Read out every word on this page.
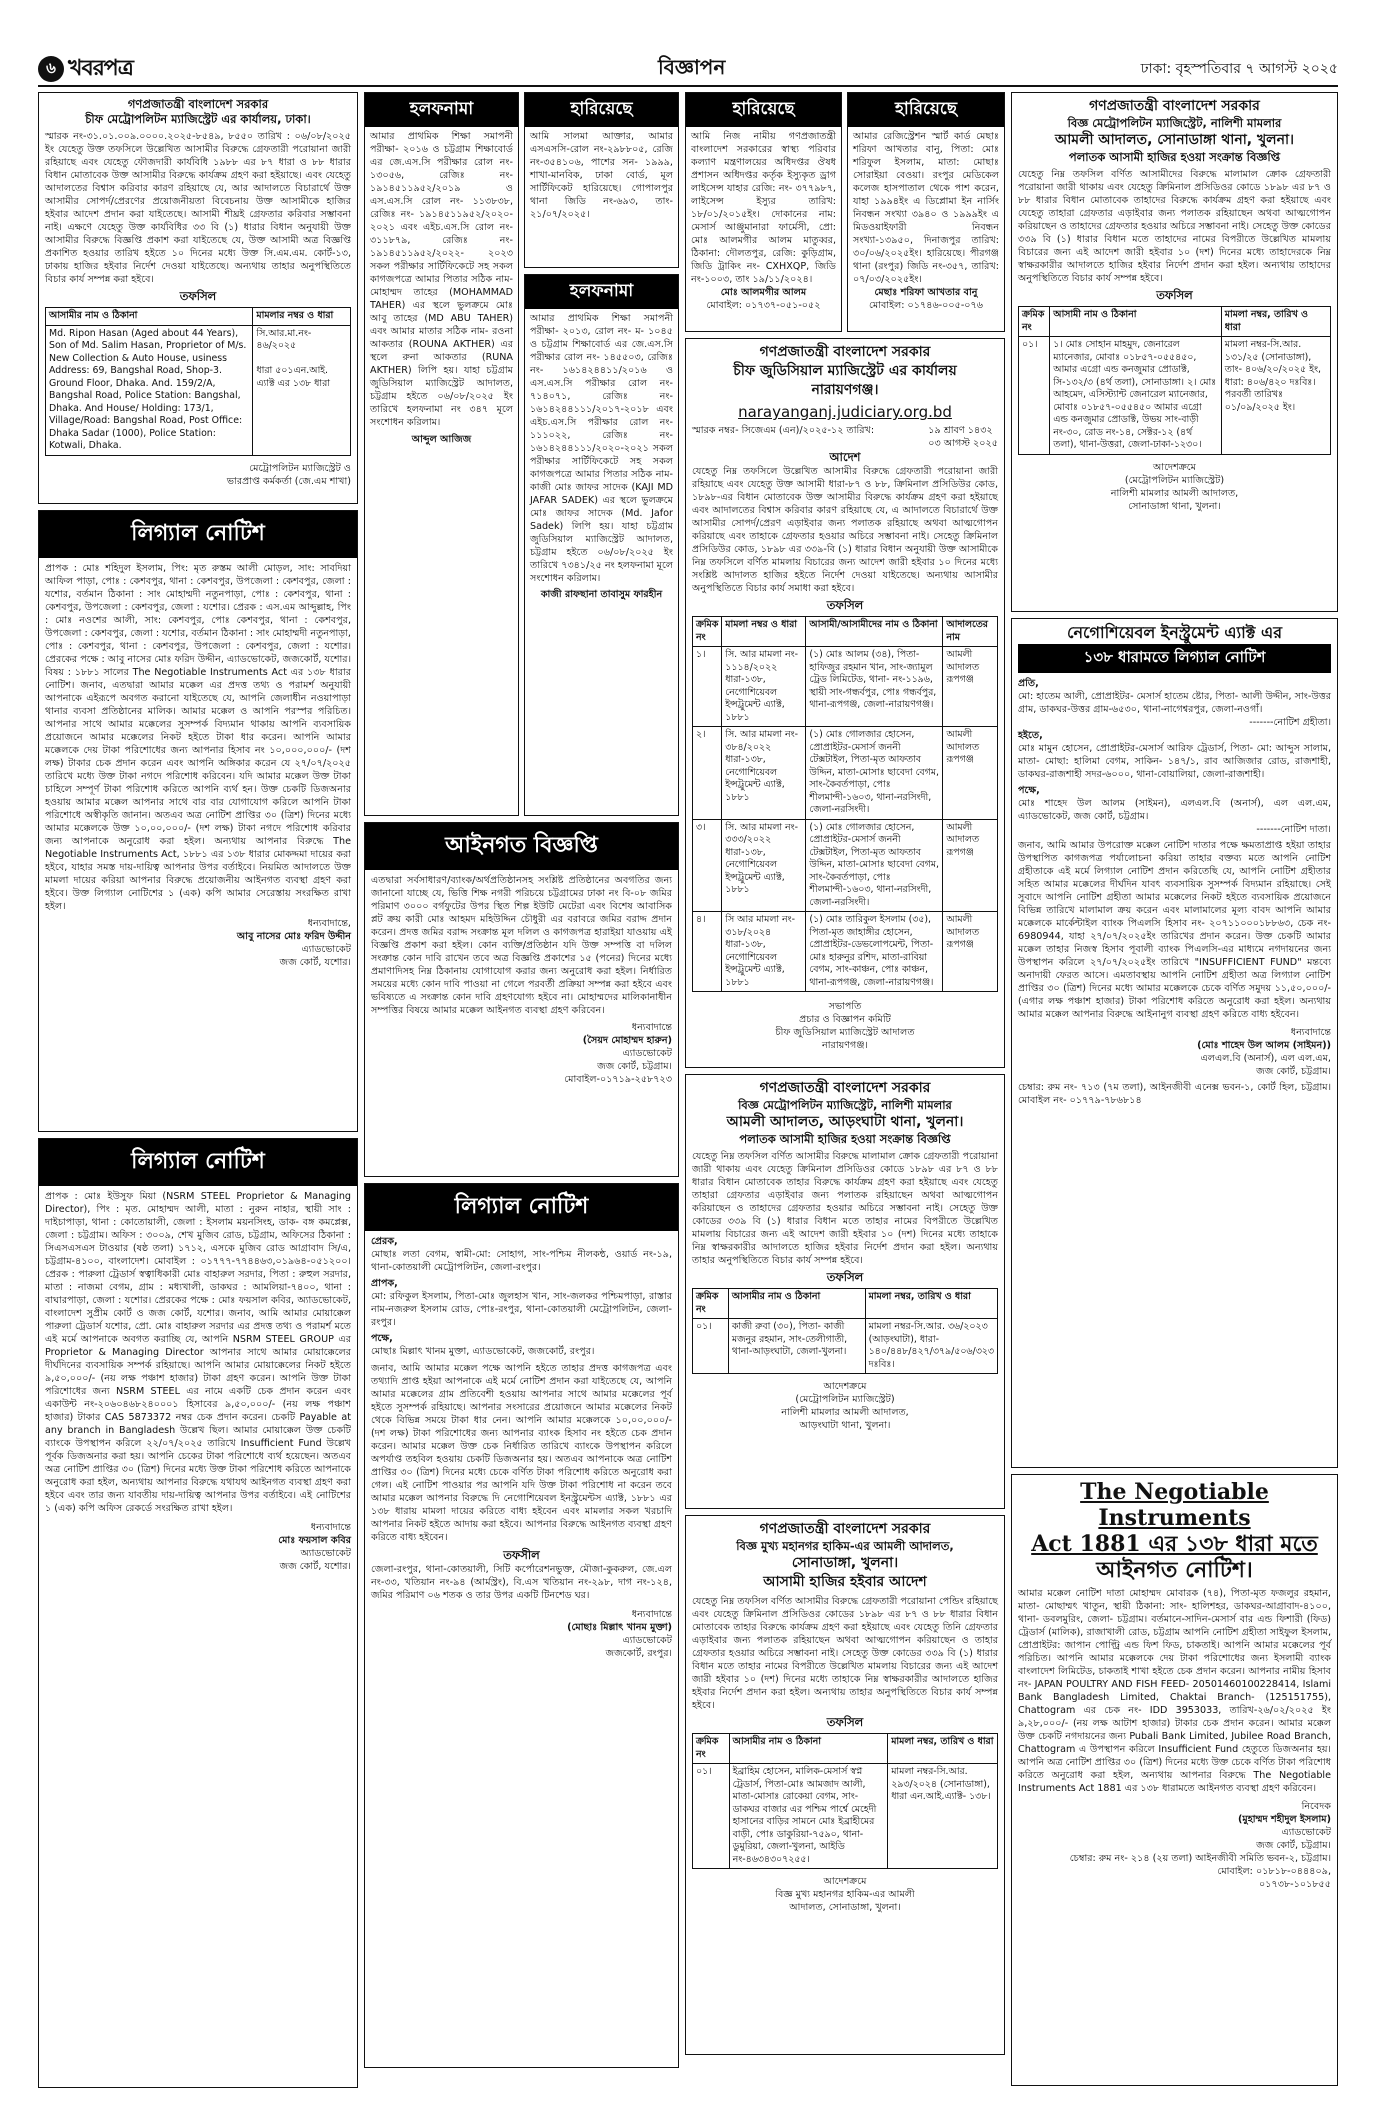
৬ খবরপত্র	বিজ্ঞাপন	ঢাকা: বৃহস্পতিবার ৭ আগস্ট ২০২৫
গণপ্রজাতন্ত্রী বাংলাদেশ সরকার
চীফ মেট্রোপলিটন ম্যাজিস্ট্রেট এর কার্যালয়, ঢাকা।
স্মারক নং-৩১.০১.০০৯.০০০০.২০২৫-৮৫৪৯, ৮৫৫০ তারিখ : ০৬/০৮/২০২৫ ইং যেহেতু উক্ত তফসিলে উল্লেখিত আসামীর বিরুদ্ধে গ্রেফতারী পরোয়ানা জারী রহিয়াছে এবং যেহেতু ফৌজদারী কার্যবিধি ১৯৮৮ এর ৮৭ ধারা ও ৮৮ ধারার বিধান মোতাবেক উক্ত আসামীর বিরুদ্ধে কার্যক্রম গ্রহণ করা হইয়াছে। এবং যেহেতু আদালতের বিশ্বাস করিবার কারণ রহিয়াছে যে, আর আদালতে বিচারার্থে উক্ত আসামীর সোপর্দ/প্রেরণের প্রয়োজনীয়তা বিবেচনায় উক্ত আসামীকে হাজির হইবার আদেশ প্রদান করা যাইতেছে। আসামী শীঘ্রই গ্রেফতার করিবার সম্ভাবনা নাই। এক্ষণে যেহেতু উক্ত কার্যবিধির ৩৩ বি (১) ধারার বিধান অনুযায়ী উক্ত আসামীর বিরুদ্ধে বিজ্ঞপ্তি প্রকাশ করা যাইতেছে যে, উক্ত আসামী অত্র বিজ্ঞপ্তি প্রকাশিত হওয়ার তারিখ হইতে ১০ দিনের মধ্যে উক্ত সি.এম.এম. কোর্ট-১৩, ঢাকায় হাজির হইবার নির্দেশ দেওয়া যাইতেছে। অন্যথায় তাহার অনুপস্থিতিতে বিচার কার্য সম্পন্ন করা হইবে।
তফসিল
আসামীর নাম ও ঠিকানা	মামলার নম্বর ও ধারা
Md. Ripon Hasan (Aged about 44 Years), Son of Md. Salim Hasan, Proprietor of M/s. New Collection & Auto House, usiness Address: 69, Bangshal Road, Shop-3. Ground Floor, Dhaka. And. 159/2/A, Bangshal Road, Police Station: Bangshal, Dhaka. And House/ Holding: 173/1, Village/Road: Bangshal Road, Post Office: Dhaka Sadar (1000), Police Station: Kotwali, Dhaka.	সি.আর.মা.নং- ৪৬/২০২৫

ধারা ৫০১এন.আই. এ্যাক্ট এর ১৩৮ ধারা
মেট্রোপলিটন ম্যাজিস্ট্রেট ও
ভারপ্রাপ্ত কর্মকর্তা (জে.এম শাখা)
লিগ্যাল নোটিশ
প্রাপক : মোঃ শহিদুল ইসলাম, পিং: মৃত রুস্তম আলী মোড়ল, সাং: সাবদিয়া আফিল পাড়া, পোঃ : কেশবপুর, থানা : কেশবপুর, উপজেলা : কেশবপুর, জেলা : যশোর, বর্তমান ঠিকানা : সাং মোহাম্মদী নতুনপাড়া, পোঃ : কেশবপুর, থানা : কেশবপুর, উপজেলা : কেশবপুর, জেলা : যশোর। প্রেরক : এস.এম আব্দুল্লাহ, পিং : মোঃ নওশের আলী, সাং: কেশবপুর, পোঃ কেশবপুর, থানা : কেশবপুর, উপজেলা : কেশবপুর, জেলা : যশোর, বর্তমান ঠিকানা : সাং মোহাম্মদী নতুনপাড়া, পোঃ : কেশবপুর, থানা : কেশবপুর, উপজেলা : কেশবপুর, জেলা : যশোর। প্রেরকের পক্ষে : আবু নাসের মোঃ ফরিদ উদ্দীন, এ্যাডভোকেট, জজকোর্ট, যশোর। বিষয় : ১৮৮১ সালের The Negotiable Instruments Act এর ১৩৮ ধারার নোটিশ। জনাব, এতদ্বারা আমার মক্কেল এর প্রদত্ত তথ্য ও পরামর্শ অনুযায়ী আপনাকে এইরূপে অবগত করানো যাইতেছে যে, আপনি জেলাধীন নওয়াপাড়া থানার ব্যবসা প্রতিষ্ঠানের মালিক। আমার মক্কেল ও আপনি পরস্পর পরিচিত। আপনার সাথে আমার মক্কেলের সুসম্পর্ক বিদ্যমান থাকায় আপনি ব্যবসায়িক প্রয়োজনে আমার মক্কেলের নিকট হইতে টাকা ধার করেন। আপনি আমার মক্কেলকে দেয় টাকা পরিশোধের জন্য আপনার হিসাব নং ১০,০০০,০০০/- (দশ লক্ষ) টাকার চেক প্রদান করেন এবং আপনি অঙ্গিকার করেন যে ২৭/০৭/২০২৫ তারিখে মধ্যে উক্ত টাকা নগদে পরিশোধ করিবেন। যদি আমার মক্কেল উক্ত টাকা চাহিলে সম্পূর্ণ টাকা পরিশোধ করিতে আপনি ব্যর্থ হন। উক্ত চেকটি ডিজঅনার হওয়ায় আমার মক্কেল আপনার সাথে বার বার যোগাযোগ করিলে আপনি টাকা পরিশোধে অস্বীকৃতি জানান। অতএব অত্র নোটিশ প্রাপ্তির ৩০ (ত্রিশ) দিনের মধ্যে আমার মক্কেলকে উক্ত ১০,০০,০০০/- (দশ লক্ষ) টাকা নগদে পরিশোধ করিবার জন্য আপনাকে অনুরোধ করা হইল। অন্যথায় আপনার বিরুদ্ধে The Negotiable Instruments Act, ১৮৮১ এর ১৩৮ ধারার মোকদ্দমা দায়ের করা হইবে, যাহার সমস্ত দায়-দায়িত্ব আপনার উপর বর্তাইবে। নিয়মিত আদালতে উক্ত মামলা দায়ের করিয়া আপনার বিরুদ্ধে প্রয়োজনীয় আইনগত ব্যবস্থা গ্রহণ করা হইবে। উক্ত লিগ্যাল নোটিশের ১ (এক) কপি আমার সেরেস্তায় সংরক্ষিত রাখা হইল।
ধন্যবাদান্তে,
আবু নাসের মোঃ ফরিদ উদ্দীন
এ্যাডভোকেট
জজ কোর্ট, যশোর।
লিগ্যাল নোটিশ
প্রাপক : মোঃ ইউসুফ মিয়া (NSRM STEEL Proprietor & Managing Director), পিং : মৃত. মোহাম্মদ আলী, মাতা : নুরুন নাহার, স্থায়ী সাং : দাইচাপাড়া, থানা : কোতোয়ালী, জেলা : ইসলাম ময়নসিংহ, ডাক- বঙ্গ কমপ্লেক্স, জেলা : চট্টগ্রাম। অফিস : ৩০০৯, শেখ মুজিব রোড, চট্টগ্রাম, অফিসের ঠিকানা : সিএসএসএস টাওয়ার (ষষ্ঠ তলা) ১৭১২, এসকে মুজিব রোড আগ্রাবাদ সি/এ, চট্টগ্রাম-৪১০০, বাংলাদেশ। মোবাইল : ০১৭৭৭-৭৭৪৪৬৩,০১৯৬৪-০৫১২০০। প্রেরক : পারুলা ট্রেডার্স স্বত্বাধিকারী মোঃ বাহারুল সরদার, পিতা : রুহুল সরদার, মাতা : নাজমা বেগম, গ্রাম : মধ্যখালী, ডাকঘর : আমলিয়া-৭৪০০, থানা : বাঘারপাড়া, জেলা : যশোর। প্রেরকের পক্ষে : মোঃ ফয়সাল কবির, অ্যাডভোকেট, বাংলাদেশ সুপ্রীম কোর্ট ও জজ কোর্ট, যশোর। জনাব, আমি আমার মোয়াক্কেল পারুলা ট্রেডার্স যশোর, প্রো. মোঃ বাহারুল সরদার এর প্রদত্ত তথ্য ও পরামর্শ মতে এই মর্মে আপনাকে অবগত করাচ্ছি যে, আপনি NSRM STEEL GROUP এর Proprietor & Managing Director আপনার সাথে আমার মোয়াক্কেলের দীর্ঘদিনের ব্যবসায়িক সম্পর্ক রহিয়াছে। আপনি আমার মোয়াক্কেলের নিকট হইতে ৯,৫০,০০০/- (নয় লক্ষ পঞ্চাশ হাজার) টাকা গ্রহণ করেন। আপনি উক্ত টাকা পরিশোধের জন্য NSRM STEEL এর নামে একটি চেক প্রদান করেন এবং একাউন্ট নং-২০৬০৪৬৮২৪০০০১ হিসাবের ৯,৫০,০০০/- (নয় লক্ষ পঞ্চাশ হাজার) টাকার CAS 5873372 নম্বর চেক প্রদান করেন। চেকটি Payable at any branch in Bangladesh উল্লেখ ছিল। আমার মোয়াক্কেল উক্ত চেকটি ব্যাংকে উপস্থাপন করিলে ২২/০৭/২০২৫ তারিখে Insufficient Fund উল্লেখ পূর্বক ডিজঅনার করা হয়। আপনি চেকের টাকা পরিশোধে ব্যর্থ হয়েছেন। অতএব অত্র নোটিশ প্রাপ্তির ৩০ (ত্রিশ) দিনের মধ্যে উক্ত টাকা পরিশোধ করিতে আপনাকে অনুরোধ করা হইল, অন্যথায় আপনার বিরুদ্ধে যথাযথ আইনগত ব্যবস্থা গ্রহণ করা হইবে এবং তার জন্য যাবতীয় দায়-দায়িত্ব আপনার উপর বর্তাইবে। এই নোটিশের ১ (এক) কপি অফিস রেকর্ডে সংরক্ষিত রাখা হইল।
ধন্যবাদান্তে
মোঃ ফয়সাল কবির
অ্যাডভোকেট
জজ কোর্ট, যশোর।
হলফনামা
আমার প্রাথমিক শিক্ষা সমাপনী পরীক্ষা- ২০১৬ ও চট্টগ্রাম শিক্ষাবোর্ড এর জে.এস.সি পরীক্ষার রোল নং- ১৩০৫৬, রেজিঃ নং- ১৯১৪৫১১৯৫২/২০১৯ ও এস.এস.সি রোল নং- ১১৩৮৩৮, রেজিঃ নং- ১৯১৪৫১১৯৫২/২০২০- ২০২১ এবং এইচ.এস.সি রোল নং- ৩১১৮৭৯, রেজিঃ নং- ১৯১৪৫১১৯৫২/২০২২- ২০২৩ সকল পরীক্ষার সার্টিফিকেটে সহ সকল কাগজপত্রে আমার পিতার সঠিক নাম- মোহাম্মদ তাহের (MOHAMMAD TAHER) এর স্থলে ভুলক্রমে মোঃ আবু তাহের (MD ABU TAHER) এবং আমার মাতার সঠিক নাম- রওনা আকতার (ROUNA AKTHER) এর স্থলে রুনা আকতার (RUNA AKTHER) লিপি হয়। যাহা চট্টগ্রাম জুডিসিয়াল ম্যাজিস্ট্রেট আদালত, চট্টগ্রাম হইতে ০৬/০৮/২০২৫ ইং তারিখে হলফনামা নং ৩৪৭ মূলে সংশোধন করিলাম।
আব্দুল আজিজ
হারিয়েছে
আমি সালমা আক্তার, আমার এসএসসি-রোল নং-২৯৮৮০৫, রেজি নং-৩৫৪১০৬, পাশের সন- ১৯৯৯, শাখা-মানবিক, ঢাকা বোর্ড, মূল সার্টিফিকেট হারিয়েছে। গোপালপুর থানা জিডি নং-৬৯৩, তাং- ২১/০৭/২০২৫।
হলফনামা
আমার প্রাথমিক শিক্ষা সমাপনী পরীক্ষা- ২০১৩, রোল নং- ম- ১০৪৫ ও চট্টগ্রাম শিক্ষাবোর্ড এর জে.এস.সি পরীক্ষার রোল নং- ১৪৫৫০৩, রেজিঃ নং- ১৬১৪২৪৪১১/২০১৬ ও এস.এস.সি পরীক্ষার রোল নং- ৭১৪০৭১, রেজিঃ নং- ১৬১৪২৪৪১১১/২০১৭-২০১৮ এবং এইচ.এস.সি পরীক্ষার রোল নং- ১১১০২২, রেজিঃ নং- ১৬১৪২৪৪১১১/২০২০-২০২১ সকল পরীক্ষার সার্টিফিকেটে সহ সকল কাগজপত্রে আমার পিতার সঠিক নাম- কাজী মোঃ জাফর সাদেক (KAJI MD JAFAR SADEK) এর স্থলে ভুলক্রমে মোঃ জাফর সাদেক (Md. Jafor Sadek) লিপি হয়। যাহা চট্টগ্রাম জুডিসিয়াল ম্যাজিস্ট্রেট আদালত, চট্টগ্রাম হইতে ০৬/০৮/২০২৫ ইং তারিখে ৭৩৪১/২৫ নং হলফনামা মূলে সংশোধন করিলাম।
কাজী রাফছানা তাবাসুুম ফারহীন
আইনগত বিজ্ঞপ্তি
এতদ্বারা সর্বসাধারণ/ব্যাংক/অর্থপ্রতিষ্ঠানসহ সংশ্লিষ্ট প্রতিষ্ঠানের অবগতির জন্য জানানো যাচ্ছে যে, ভিত্তি শিক্ষ নগরী পরিচয়ে চট্টগ্রামের ঢাকা নং বি-০৮ জমির পরিমাণ ৩০০০ বর্গফুটের উপর স্থিত শিল্প ইউটি মেটেরা এবং বিশেষ আবাসিক প্লট ক্রয় কারী মোঃ আহমদ মহিউদ্দিন চৌধুরী এর বরাবরে জমির বরাদ্দ প্রদান করেন। প্রদত্ত জমির বরাদ্দ সংক্রান্ত মূল দলিল ও কাগজপত্র হারাইয়া যাওয়ায় এই বিজ্ঞপ্তি প্রকাশ করা হইল। কোন ব্যক্তি/প্রতিষ্ঠান যদি উক্ত সম্পত্তি বা দলিল সংক্রান্ত কোন দাবি রাখেন তবে অত্র বিজ্ঞপ্তি প্রকাশের ১৫ (পনের) দিনের মধ্যে প্রমাণাদিসহ নিম্ন ঠিকানায় যোগাযোগ করার জন্য অনুরোধ করা হইল। নির্ধারিত সময়ের মধ্যে কোন দাবি পাওয়া না গেলে পরবর্তী প্রক্রিয়া সম্পন্ন করা হইবে এবং ভবিষ্যতে এ সংক্রান্ত কোন দাবি গ্রহণযোগ্য হইবে না। মোহাম্মদের মালিকানাধীন সম্পত্তির বিষয়ে আমার মক্কেল আইনগত ব্যবস্থা গ্রহণ করিবেন।
ধন্যবাদান্তে
(সৈয়দ মোহাম্মদ হারুন)
এ্যাডভোকেট
জজ কোর্ট, চট্টগ্রাম।
মোবাইল-০১৭১৯-২৫৮৭২৩
লিগ্যাল নোটিশ
প্রেরক,
মোছাঃ লতা বেগম, স্বামী-মো: সোহাগ, সাং-পশ্চিম নীলকন্ঠ, ওয়ার্ড নং-১৯, থানা-কোতয়ালী মেট্রোপলিটন, জেলা-রংপুর।
প্রাপক,
মো: রফিকুল ইসলাম, পিতা-মোঃ জুলহাস খান, সাং-জলকর পশ্চিমপাড়া, রাস্তার নাম-নজরুল ইসলাম রোড, পোঃ-রংপুর, থানা-কোতয়ালী মেট্রোপলিটন, জেলা-রংপুর।
পক্ষে,
মোছাঃ মিল্লাৎ খানম মুক্তা, এ্যাডভোকেট, জজকোর্ট, রংপুর।
জনাব, আমি আমার মক্কেল পক্ষে আপনি হইতে তাহার প্রদত্ত কাগজপত্র এবং তথ্যাদি প্রাপ্ত হইয়া আপনাকে এই মর্মে নোটিশ প্রদান করা যাইতেছে যে, আপনি আমার মক্কেলের গ্রাম প্রতিবেশী হওয়ায় আপনার সাথে আমার মক্কেলের পূর্ব হইতে সুসম্পর্ক রহিয়াছে। আপনার সংসারের প্রয়োজনে আমার মক্কেলের নিকট থেকে বিভিন্ন সময়ে টাকা ধার নেন। আপনি আমার মক্কেলকে ১০,০০,০০০/- (দশ লক্ষ) টাকা পরিশোধের জন্য আপনার ব্যাংক হিসাব নং হইতে চেক প্রদান করেন। আমার মক্কেল উক্ত চেক নির্ধারিত তারিখে ব্যাংকে উপস্থাপন করিলে অপর্যাপ্ত তহবিল হওয়ায় চেকটি ডিজঅনার হয়। অতএব আপনাকে অত্র নোটিশ প্রাপ্তির ৩০ (ত্রিশ) দিনের মধ্যে চেকে বর্ণিত টাকা পরিশোধ করিতে অনুরোধ করা গেল। এই নোটিশ পাওয়ার পর আপনি যদি উক্ত টাকা পরিশোধ না করেন তবে আমার মক্কেল আপনার বিরুদ্ধে দি নেগোশিয়েবল ইনস্ট্রুমেন্টস এ্যাক্ট, ১৮৮১ এর ১৩৮ ধারায় মামলা দায়ের করিতে বাধ্য হইবেন এবং মামলার সকল খরচাদি আপনার নিকট হইতে আদায় করা হইবে। আপনার বিরুদ্ধে আইনগত ব্যবস্থা গ্রহণ করিতে বাধ্য হইবেন।
তফসীল
জেলা-রংপুর, থানা-কোতয়ালী, সিটি কর্পোরেশনভুক্ত, মৌজা-কুকরুল, জে.এল নং-৩৩, খতিয়ান নং-৯৪ (আর্মস্ট্রং), বি.এস খতিয়ান নং-২৯৮, দাগ নং-১২৪, জমির পরিমাণ ০৬ শতক ও তার উপর একটি টিনশেড ঘর।
ধন্যবাদান্তে
(মোছাঃ মিল্লাৎ খানম মুক্তা)
এ্যাডভোকেট
জজকোর্ট, রংপুর।
হারিয়েছে
আমি নিজ নামীয় গণপ্রজাতন্ত্রী বাংলাদেশ সরকারের স্বাস্থ্য পরিবার কল্যাণ মন্ত্রণালয়ের অধিদপ্তর ঔষধ প্রশাসন অধিদপ্তর কর্তৃক ইস্যুকৃত ড্রাগ লাইসেন্স যাহার রেজি: নং- ৩৭৭৯৮৭, লাইসেন্স ইস্যুর তারিখ: ১৮/০১/২০১৫ইং। দোকানের নাম: মেসার্স আঞ্জুমানারা ফার্মেসী, প্রো: মোঃ আলমগীর আলম মাতুব্বর, ঠিকানা: দৌলতপুর, রেজি: কুড়িগ্রাম, জিডি ট্রাকিং নং- CXHXQP, জিডি নং-১০০৩, তাং ১৯/১১/২০২৪।
মোঃ আলমগীর আলম
মোবাইল: ০১৭৩৭-০৫১-০৫২
হারিয়েছে
আমার রেজিস্ট্রেশন স্মার্ট কার্ড মেছাঃ শরিফা আখতার বানু, পিতা: মোঃ শরিফুল ইসলাম, মাতা: মোছাঃ সোরাইয়া বেওয়া। রংপুর মেডিকেল কলেজ হাসপাতাল থেকে পাশ করেন, যাহা ১৯৯৪ইং এ ডিপ্লোমা ইন নার্সিং নিবন্ধন সংখ্যা ৩৯৪০ ও ১৯৯৯ইং এ মিডওয়াইফারী নিবন্ধন সংখ্যা-১৩৯৫০, দিনাজপুর তারিখ: ৩০/০৬/২০২৫ইং। হারিয়েছে। পীরগঞ্জ থানা (রংপুর) জিডি নং-৩৫৭, তারিখ: ০৭/০৩/২০২৫ইং।
মেছাঃ শরিফা আখতার বানু
মোবাইল: ০১৭৪৬-০০৫-০৭৬
গণপ্রজাতন্ত্রী বাংলাদেশ সরকার
চীফ জুডিসিয়াল ম্যাজিস্ট্রেট এর কার্যালয়
নারায়ণগঞ্জ।
narayanganj.judiciary.org.bd
স্মারক নম্বর- সিজেএম (এন)/২০২৫-১২ তারিখ:	১৯ শ্রাবণ ১৪৩২
০৩ আগস্ট ২০২৫
আদেশ
যেহেতু নিম্ন তফসিলে উল্লেখিত আসামীর বিরুদ্ধে গ্রেফতারী পরোয়ানা জারী রহিয়াছে এবং যেহেতু উক্ত আসামী ধারা-৮৭ ও ৮৮, ক্রিমিনাল প্রসিডিউর কোড, ১৮৯৮-এর বিধান মোতাবেক উক্ত আসামীর বিরুদ্ধে কার্যক্রম গ্রহণ করা হইয়াছে এবং আদালতের বিশ্বাস করিবার কারণ রহিয়াছে যে, এ আদালতে বিচারার্থে উক্ত আসামীর সোপর্দ/প্রেরণ এড়াইবার জন্য পলাতক রহিয়াছে অথবা আত্মগোপন করিয়াছে এবং তাহাকে গ্রেফতার হওয়ার অচিরে সম্ভাবনা নাই। সেহেতু ক্রিমিনাল প্রসিডিউর কোড, ১৮৯৮ এর ৩৩৯-বি (১) ধারার বিধান অনুযায়ী উক্ত আসামীকে নিম্ন তফসিলে বর্ণিত মামলায় বিচারের জন্য আদেশ জারী হইবার ১০ দিনের মধ্যে সংশ্লিষ্ট আদালত হাজির হইতে নির্দেশ দেওয়া যাইতেছে। অন্যথায় আসামীর অনুপস্থিতিতে বিচার কার্য সমাধা করা হইবে।
তফসিল
ক্রমিক নং	মামলা নম্বর ও ধারা	আসামী/আসামীদের নাম ও ঠিকানা	আদালতের নাম
১।	সি. আর মামলা নং- ১১১৪/২০২২ ধারা-১৩৮, নেগোশিয়েবল ইন্সট্রুমেন্ট এ্যাক্ট, ১৮৮১	(১) মোঃ আলম (৩৪), পিতা-হাফিজুর রহমান খান, সাং-জ্যামুল ট্রেড লিমিটেড, থানা- নং-১১৯৬, স্থায়ী সাং-গন্ধর্বপুর, পোঃ গন্ধর্বপুর, থানা-রূপগঞ্জ, জেলা-নারায়ণগঞ্জ।	আমলী আদালত রূপগঞ্জ
২।	সি. আর মামলা নং- ৩৮৪/২০২২ ধারা-১৩৮, নেগোশিয়েবল ইন্সট্রুমেন্ট এ্যাক্ট, ১৮৮১	(১) মোঃ গোলজার হোসেন, প্রোপ্রাইটর-মেসার্স জননী টেক্সটাইল, পিতা-মৃত আফতাব উদ্দিন, মাতা-মোসাঃ ছাবেদা বেগম, সাং-কৈবর্তপাড়া, পোঃ শীলমান্দী-১৬০৩, থানা-নরসিংদী, জেলা-নরসিংদী।	আমলী আদালত রূপগঞ্জ
৩।	সি. আর মামলা নং- ৩৩৩/২০২২ ধারা-১৩৮, নেগোশিয়েবল ইন্সট্রুমেন্ট এ্যাক্ট, ১৮৮১	(১) মোঃ গোলজার হোসেন, প্রোপ্রাইটর-মেসার্স জননী টেক্সটাইল, পিতা-মৃত আফতাব উদ্দিন, মাতা-মোসাঃ ছাবেদা বেগম, সাং-কৈবর্তপাড়া, পোঃ শীলমান্দী-১৬০৩, থানা-নরসিংদী, জেলা-নরসিংদী।	আমলী আদালত রূপগঞ্জ
৪।	সি আর মামলা নং- ৩১৮/২০২৪ ধারা-১৩৮, নেগোশিয়েবল ইন্সট্রুমেন্ট এ্যাক্ট, ১৮৮১	(১) মোঃ তারিকুল ইসলাম (৩৫), পিতা-মৃত জাহাঙ্গীর হোসেন, প্রোপ্রাইটর-ডেভলোপমেন্ট, পিতা-মোঃ হারুনুর রশিদ, মাতা-রাবিয়া বেগম, সাং-কাঞ্চন, পোঃ কাঞ্চন, থানা-রূপগঞ্জ, জেলা-নারায়ণগঞ্জ।	আমলী আদালত রূপগঞ্জ
সভাপতি
প্রচার ও বিজ্ঞাপন কমিটি
চীফ জুডিসিয়াল ম্যাজিস্ট্রেট আদালত
নারায়ণগঞ্জ।
গণপ্রজাতন্ত্রী বাংলাদেশ সরকার
বিজ্ঞ মেট্রোপলিটন ম্যাজিস্ট্রেট, নালিশী মামলার
আমলী আদালত, আড়ংঘাটা থানা, খুলনা।
পলাতক আসামী হাজির হওয়া সংক্রান্ত বিজ্ঞপ্তি
যেহেতু নিম্ন তফসিল বর্ণিত আসামীর বিরুদ্ধে মালামাল ক্রোক গ্রেফতারী পরোয়ানা জারী থাকায় এবং যেহেতু ক্রিমিনাল প্রসিডিওর কোডে ১৮৯৮ এর ৮৭ ও ৮৮ ধারার বিধান মোতাবেক তাহার বিরুদ্ধে কার্যক্রম গ্রহণ করা হইয়াছে এবং যেহেতু তাহারা গ্রেফতার এড়াইবার জন্য পলাতক রহিয়াছেন অথবা আত্মগোপন করিয়াছেন ও তাহাদের গ্রেফতার হওয়ার অচিরে সম্ভাবনা নাই। সেহেতু উক্ত কোডের ৩৩৯ বি (১) ধারার বিধান মতে তাহার নামের বিপরীতে উল্লেখিত মামলায় বিচারের জন্য এই আদেশ জারী হইবার ১০ (দশ) দিনের মধ্যে তাহাকে নিম্ন স্বাক্ষরকারীর আদালতে হাজির হইবার নির্দেশ প্রদান করা হইল। অন্যথায় তাহার অনুপস্থিতিতে বিচার কার্য সম্পন্ন হইবে।
তফসিল
ক্রমিক নং	আসামীর নাম ও ঠিকানা	মামলা নম্বর, তারিখ ও ধারা
০১।	কাজী রুবা (৩০), পিতা- কাজী মজনুর রহমান, সাং-তেলীগাতী, থানা-আড়ংঘাটা, জেলা-খুলনা।	মামলা নম্বর-সি.আর. ৩৬/২০২৩ (আড়ংঘাটা), ধারা- ১৪০/৪৪৮/৪২৭/৩৭৯/৫০৬/৩২৩ দঃবিঃ।
আদেশক্রমে
(মেট্রোপলিটন ম্যাজিস্ট্রেট)
নালিশী মামলার আমলী আদালত,
আড়ংঘাটা থানা, খুলনা।
গণপ্রজাতন্ত্রী বাংলাদেশ সরকার
বিজ্ঞ মুখ্য মহানগর হাকিম-এর আমলী আদালত,
সোনাডাঙ্গা, খুলনা।
আসামী হাজির হইবার আদেশ
যেহেতু নিম্ন তফসিল বর্ণিত আসামীর বিরুদ্ধে গ্রেফতারী পরোয়ানা পেন্ডিং রহিয়াছে এবং যেহেতু ক্রিমিনাল প্রসিডিওর কোডের ১৮৯৮ এর ৮৭ ও ৮৮ ধারার বিধান মোতাবেক তাহার বিরুদ্ধে কার্যক্রম গ্রহণ করা হইয়াছে এবং যেহেতু তিনি গ্রেফতার এড়াইবার জন্য পলাতক রহিয়াছেন অথবা আত্মগোপন করিয়াছেন ও তাহার গ্রেফতার হওয়ার অচিরে সম্ভাবনা নাই। সেহেতু উক্ত কোডের ৩৩৯ বি (১) ধারার বিধান মতে তাহার নামের বিপরীতে উল্লেখিত মামলায় বিচারের জন্য এই আদেশ জারী হইবার ১০ (দশ) দিনের মধ্যে তাহাকে নিম্ন স্বাক্ষরকারীর আদালতে হাজির হইবার নির্দেশ প্রদান করা হইল। অন্যথায় তাহার অনুপস্থিতিতে বিচার কার্য সম্পন্ন হইবে।
তফসিল
ক্রমিক নং	আসামীর নাম ও ঠিকানা	মামলা নম্বর, তারিখ ও ধারা
০১।	ইব্রাহিম হোসেন, মালিক-মেসার্স স্বপ্ন ট্রেডার্স, পিতা-মোঃ আমজাদ আলী, মাতা-মোসাঃ রোকেয়া বেগম, সাং-ডাকঘর বাজার এর পশ্চিম পার্শ্বে মেহেদী হাসানের বাড়ির সামনে মোঃ ইব্রাহীমের বাড়ী, পোঃ ডাকুরিয়া-৭৫৯০, থানা-ডুমুরিয়া, জেলা-খুলনা, আইডি নং-৪৬৩৪৩০৭২৫৫।	মামলা নম্বর-সি.আর. ২৯৩/২০২৪ (সোনাডাঙ্গা), ধারা এন.আই.এ্যাক্ট- ১৩৮।
আদেশক্রমে
বিজ্ঞ মুখ্য মহানগর হাকিম-এর আমলী
আদালত, সোনাডাঙ্গা, খুলনা।
গণপ্রজাতন্ত্রী বাংলাদেশ সরকার
বিজ্ঞ মেট্রোপলিটন ম্যাজিস্ট্রেট, নালিশী মামলার
আমলী আদালত, সোনাডাঙ্গা থানা, খুলনা।
পলাতক আসামী হাজির হওয়া সংক্রান্ত বিজ্ঞপ্তি
যেহেতু নিম্ন তফসিল বর্ণিত আসামীদের বিরুদ্ধে মালামাল ক্রোক গ্রেফতারী পরোয়ানা জারী থাকায় এবং যেহেতু ক্রিমিনাল প্রসিডিওর কোডে ১৮৯৮ এর ৮৭ ও ৮৮ ধারার বিধান মোতাবেক তাহাদের বিরুদ্ধে কার্যক্রম গ্রহণ করা হইয়াছে এবং যেহেতু তাহারা গ্রেফতার এড়াইবার জন্য পলাতক রহিয়াছেন অথবা আত্মগোপন করিয়াছেন ও তাহাদের গ্রেফতার হওয়ার অচিরে সম্ভাবনা নাই। সেহেতু উক্ত কোডের ৩৩৯ বি (১) ধারার বিধান মতে তাহাদের নামের বিপরীতে উল্লেখিত মামলায় বিচারের জন্য এই আদেশ জারী হইবার ১০ (দশ) দিনের মধ্যে তাহাদেরকে নিম্ন স্বাক্ষরকারীর আদালতে হাজির হইবার নির্দেশ প্রদান করা হইল। অন্যথায় তাহাদের অনুপস্থিতিতে বিচার কার্য সম্পন্ন হইবে।
তফসিল
ক্রমিক নং	আসামী নাম ও ঠিকানা	মামলা নম্বর, তারিখ ও ধারা
০১।	১। মোঃ সোহান মাহমুদ, জেনারেল ম্যানেজার, মোবাঃ ০১৮৫৭-০৫৫৪৫০, আমার এগ্রো এন্ড কনজুমার প্রোডাক্ট, সি-১৩২/৩ (৪র্থ তলা), সোনাডাঙ্গা। ২। মোঃ আহমেদ, এসিস্ট্যান্ট জেনারেল ম্যানেজার, মোবাঃ ০১৮৫৭-০৫৫৪৫০ আমার এগ্রো এন্ড কনজুমার প্রোডাক্ট, উভয় সাং-বাড়ী নং-৩০, রোড নং-১৪, সেক্টর-১২ (৪র্থ তলা), থানা-উত্তরা, জেলা-ঢাকা-১২৩০।	মামলা নম্বর-সি.আর. ১৩১/২৫ (সোনাডাঙ্গা), তাং- ৪০৬/২০/২০২৫ ইং, ধারা: ৪০৬/৪২০ দঃবিঃ। পরবর্তী তারিখঃ ০১/০৯/২০২৫ ইং।
আদেশক্রমে
(মেট্রোপলিটন ম্যাজিস্ট্রেট)
নালিশী মামলার আমলী আদালত,
সোনাডাঙ্গা থানা, খুলনা।
নেগোশিয়েবল ইনস্ট্রুমেন্ট এ্যাক্ট এর
১৩৮ ধারামতে লিগ্যাল নোটিশ
প্রতি,
মো: হাতেম আলী, প্রোপ্রাইটর- মেসার্স হাতেম ষ্টোর, পিতা- আলী উদ্দীন, সাং-উত্তর গ্রাম, ডাকঘর-উত্তর গ্রাম-৬৫৩০, থানা-নাগেশ্বরপুর, জেলা-নওগাঁ।
-------নোটিশ গ্রহীতা।
হইতে,
মোঃ মামুন হোসেন, প্রোপ্রাইটর-মেসার্স আরিফ ট্রেডার্স, পিতা- মো: আব্দুস সালাম, মাতা- মোছা: হালিমা বেগম, সাকিন- ১৪৭/১, রাব আজিজার রোড, রাজশাহী, ডাকঘর-রাজশাহী সদর-৬০০০, থানা-বোয়ালিয়া, জেলা-রাজশাহী।
পক্ষে,
মোঃ শাহেদ উল আলম (সাইমন), এলএল.বি (অনার্স), এল এল.এম, এ্যাডভোকেট, জজ কোর্ট, চট্টগ্রাম।
-------নোটিশ দাতা।
জনাব, আমি আমার উপরোক্ত মক্কেল নোটিশ দাতার পক্ষে ক্ষমতাপ্রাপ্ত হইয়া তাহার উপস্থাপিত কাগজপত্র পর্যালোচনা করিয়া তাহার বক্তব্য মতে আপনি নোটিশ গ্রহীতাকে এই মর্মে লিগ্যাল নোটিশ প্রদান করিতেছি যে, আপনি নোটিশ গ্রহীতার সহিত আমার মক্কেলের দীর্ঘদিন যাবৎ ব্যবসায়িক সুসম্পর্ক বিদ্যমান রহিয়াছে। সেই সুবাদে আপনি নোটিশ গ্রহীতা আমার মক্কেলের নিকট হইতে ব্যবসায়িক প্রয়োজনে বিভিন্ন তারিখে মালামাল ক্রয় করেন এবং মালামালের মূল্য বাবদ আপনি আমার মক্কেলকে মার্কেন্টাইল ব্যাংক পিএলসি হিসাব নং- ২০৭১১০০০১৮৮৬৩, চেক নং- 6980944, যাহা ২৭/০৭/২০২৫ইং তারিখের প্রদান করেন। উক্ত চেকটি আমার মক্কেল তাহার নিজস্ব হিসাব পূবালী ব্যাংক পিএলসি-এর মাধ্যমে নগদায়নের জন্য উপস্থাপন করিলে ২৭/০৭/২০২৫ইং তারিখে "INSUFFICIENT FUND" মন্তব্যে অনাদায়ী ফেরত আসে। এমতাবস্থায় আপনি নোটিশ গ্রহীতা অত্র লিগ্যাল নোটিশ প্রাপ্তির ৩০ (ত্রিশ) দিনের মধ্যে আমার মক্কেলকে চেকে বর্ণিত সমুদয় ১১,৫০,০০০/- (এগার লক্ষ পঞ্চাশ হাজার) টাকা পরিশোধ করিতে অনুরোধ করা হইল। অন্যথায় আমার মক্কেল আপনার বিরুদ্ধে আইনানুগ ব্যবস্থা গ্রহণ করিতে বাধ্য হইবেন।
ধন্যবাদান্তে
(মোঃ শাহেদ উল আলম (সাইমন))
এলএল.বি (অনার্স), এল এল.এম,
জজ কোর্ট, চট্টগ্রাম।
চেম্বার: রুম নং- ৭১৩ (৭ম তলা), আইনজীবী এনেক্স ভবন-১, কোর্ট হিল, চট্টগ্রাম। মোবাইল নং- ০১৭৭৯-৭৮৬৮১৪
The Negotiable Instruments
Act 1881 এর ১৩৮ ধারা মতে
আইনগত নোটিশ।
আমার মক্কেল নোটিশ দাতা মোহাম্মদ মোবারক (৭৪), পিতা-মৃত ফজলুর রহমান, মাতা- মোছাম্মৎ খাতুন, স্থায়ী ঠিকানা: সাং- হালিশহর, ডাকঘর-আগ্রাবাদ-৪১০০, থানা- ডবলমুরিং, জেলা- চট্টগ্রাম। বর্তমানে-সাদিন-মেসার্স বার এন্ড ফিশারী (ফিড) ট্রেডার্স (মালিক), রাজাখালী রোড, চট্টগ্রাম আপনি নোটিশ গ্রহীতা সাইফুল ইসলাম, প্রোপ্রাইটর: জাপান পোল্ট্রি এন্ড ফিশ ফিড, চাকতাই। আপনি আমার মক্কেলের পূর্ব পরিচিত। আপনি আমার মক্কেলকে দেয় টাকা পরিশোধের জন্য ইসলামী ব্যাংক বাংলাদেশ লিমিটেড, চাকতাই শাখা হইতে চেক প্রদান করেন। আপনার নামীয় হিসাব নং- JAPAN POULTRY AND FISH FEED- 20501460100228414, Islami Bank Bangladesh Limited, Chaktai Branch- (125151755), Chattogram এর চেক নং- IDD 3953033, তারিখ-২৬/০২/২০২৫ ইং ৯,২৮,০০০/- (নয় লক্ষ আটাশ হাজার) টাকার চেক প্রদান করেন। আমার মক্কেল উক্ত চেকটি নগদায়নের জন্য Pubali Bank Limited, Jubilee Road Branch, Chattogram এ উপস্থাপন করিলে Insufficient Fund হেতুতে ডিজঅনার হয়। আপনি অত্র নোটিশ প্রাপ্তির ৩০ (ত্রিশ) দিনের মধ্যে উক্ত চেকে বর্ণিত টাকা পরিশোধ করিতে অনুরোধ করা হইল, অন্যথায় আপনার বিরুদ্ধে The Negotiable Instruments Act 1881 এর ১৩৮ ধারামতে আইনগত ব্যবস্থা গ্রহণ করিবেন।
নিবেদক
(মুহাম্মদ শহীদুল ইসলাম)
এ্যাডভোকেট
জজ কোর্ট, চট্টগ্রাম।
চেম্বার: রুম নং- ২১৪ (২য় তলা) আইনজীবী সমিতি ভবন-২, চট্টগ্রাম।
মোবাইল: ০১৮১৮-০৪৪৪০৯,
০১৭৩৮-১০১৮৫৫
